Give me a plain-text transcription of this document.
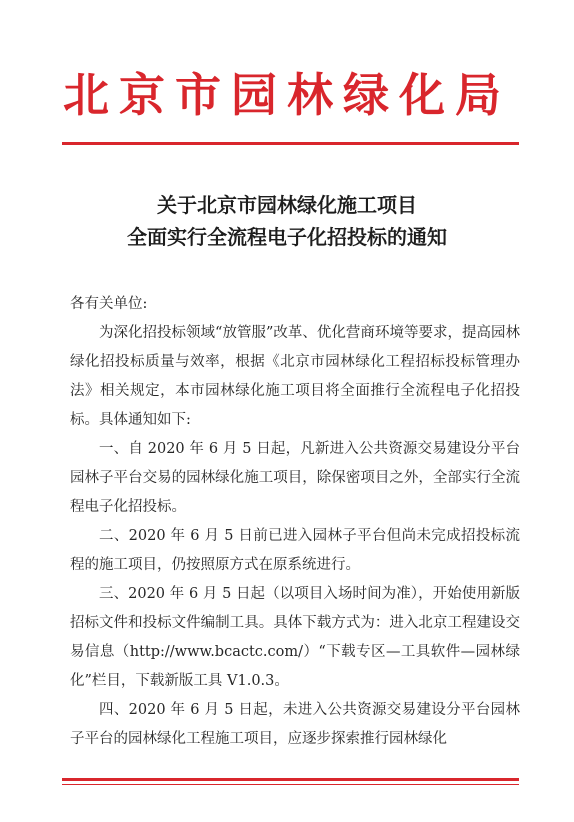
北京市园林绿化局
关于北京市园林绿化施工项目
全面实行全流程电子化招投标的通知

各有关单位:

为深化招投标领域“放管服”改革、优化营商环境等要求，提高园林绿化招投标质量与效率，根据《北京市园林绿化工程招标投标管理办法》相关规定，本市园林绿化施工项目将全面推行全流程电子化招投标。具体通知如下:

一、自 2020 年 6 月 5 日起，凡新进入公共资源交易建设分平台园林子平台交易的园林绿化施工项目，除保密项目之外，全部实行全流程电子化招投标。

二、2020 年 6 月 5 日前已进入园林子平台但尚未完成招投标流程的施工项目，仍按照原方式在原系统进行。

三、2020 年 6 月 5 日起（以项目入场时间为准），开始使用新版招标文件和投标文件编制工具。具体下载方式为：进入北京工程建设交易信息（http://www.bcactc.com/）“下载专区—工具软件—园林绿化”栏目，下载新版工具 V1.0.3。

四、2020 年 6 月 5 日起，未进入公共资源交易建设分平台园林子平台的园林绿化工程施工项目，应逐步探索推行园林绿化
